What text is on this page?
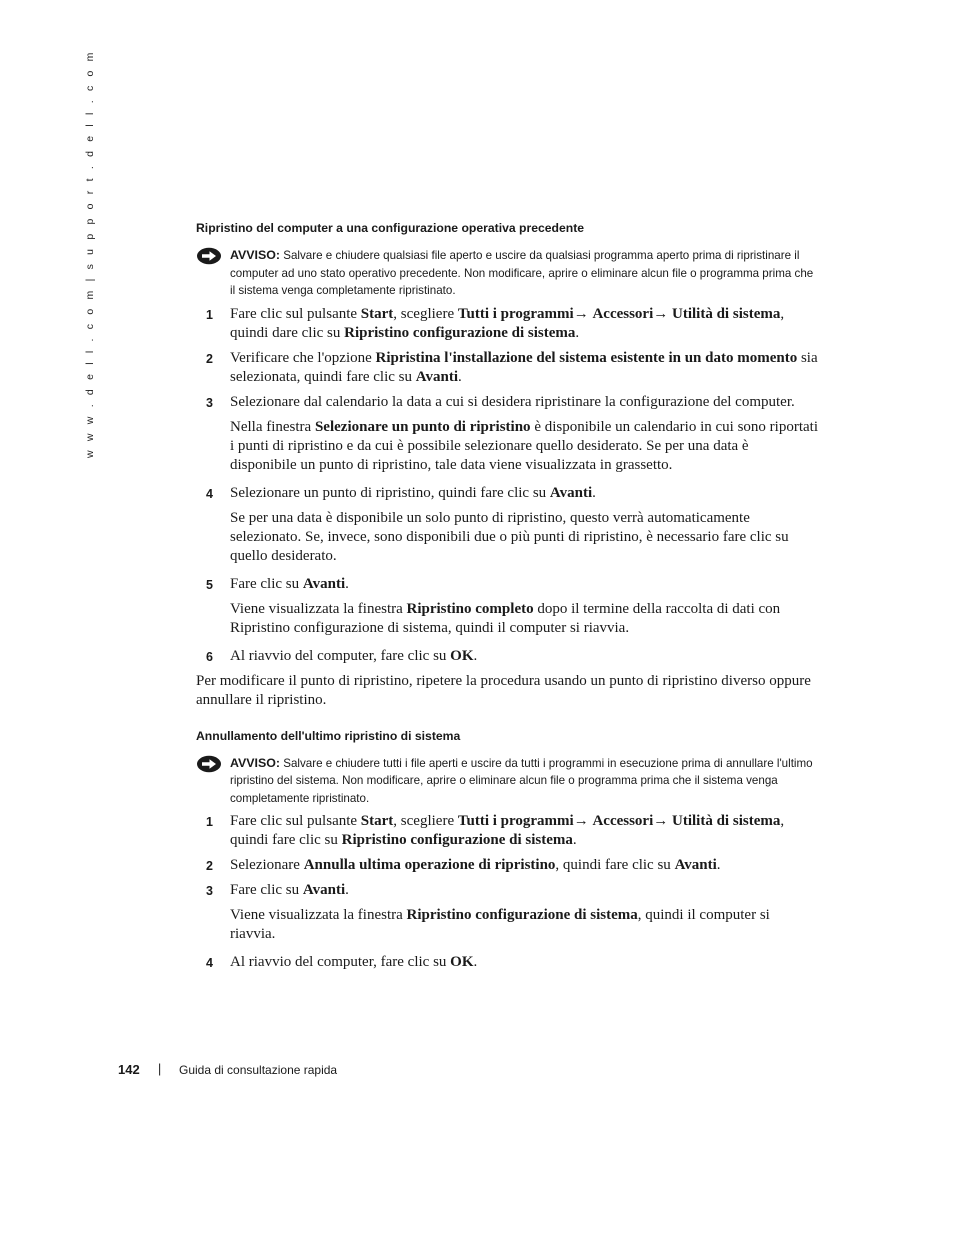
w w w . d e l l . c o m | s u p p o r t . d e l l . c o m	Ripristino del computer a una configurazione operativa precedente
AVVISO: Salvare e chiudere qualsiasi file aperto e uscire da qualsiasi programma aperto prima di ripristinare il computer ad uno stato operativo precedente. Non modificare, aprire o eliminare alcun file o programma prima che il sistema venga completamente ripristinato.
1 Fare clic sul pulsante Start, scegliere Tutti i programmi→ Accessori→ Utilità di sistema, quindi dare clic su Ripristino configurazione di sistema.

2 Verificare che l'opzione Ripristina l'installazione del sistema esistente in un dato momento sia selezionata, quindi fare clic su Avanti.

3 Selezionare dal calendario la data a cui si desidera ripristinare la configurazione del computer.

Nella finestra Selezionare un punto di ripristino è disponibile un calendario in cui sono riportati i punti di ripristino e da cui è possibile selezionare quello desiderato. Se per una data è disponibile un punto di ripristino, tale data viene visualizzata in grassetto.

4 Selezionare un punto di ripristino, quindi fare clic su Avanti.

Se per una data è disponibile un solo punto di ripristino, questo verrà automaticamente selezionato. Se, invece, sono disponibili due o più punti di ripristino, è necessario fare clic su quello desiderato.

5 Fare clic su Avanti.

Viene visualizzata la finestra Ripristino completo dopo il termine della raccolta di dati con Ripristino configurazione di sistema, quindi il computer si riavvia.

6 Al riavvio del computer, fare clic su OK.

Per modificare il punto di ripristino, ripetere la procedura usando un punto di ripristino diverso oppure annullare il ripristino.

Annullamento dell'ultimo ripristino di sistema
AVVISO: Salvare e chiudere tutti i file aperti e uscire da tutti i programmi in esecuzione prima di annullare l'ultimo ripristino del sistema. Non modificare, aprire o eliminare alcun file o programma prima che il sistema venga completamente ripristinato.
1 Fare clic sul pulsante Start, scegliere Tutti i programmi→ Accessori→ Utilità di sistema, quindi fare clic su Ripristino configurazione di sistema.

2 Selezionare Annulla ultima operazione di ripristino, quindi fare clic su Avanti.

3 Fare clic su Avanti.

Viene visualizzata la finestra Ripristino configurazione di sistema, quindi il computer si riavvia.

4 Al riavvio del computer, fare clic su OK.

142 | Guida di consultazione rapida
